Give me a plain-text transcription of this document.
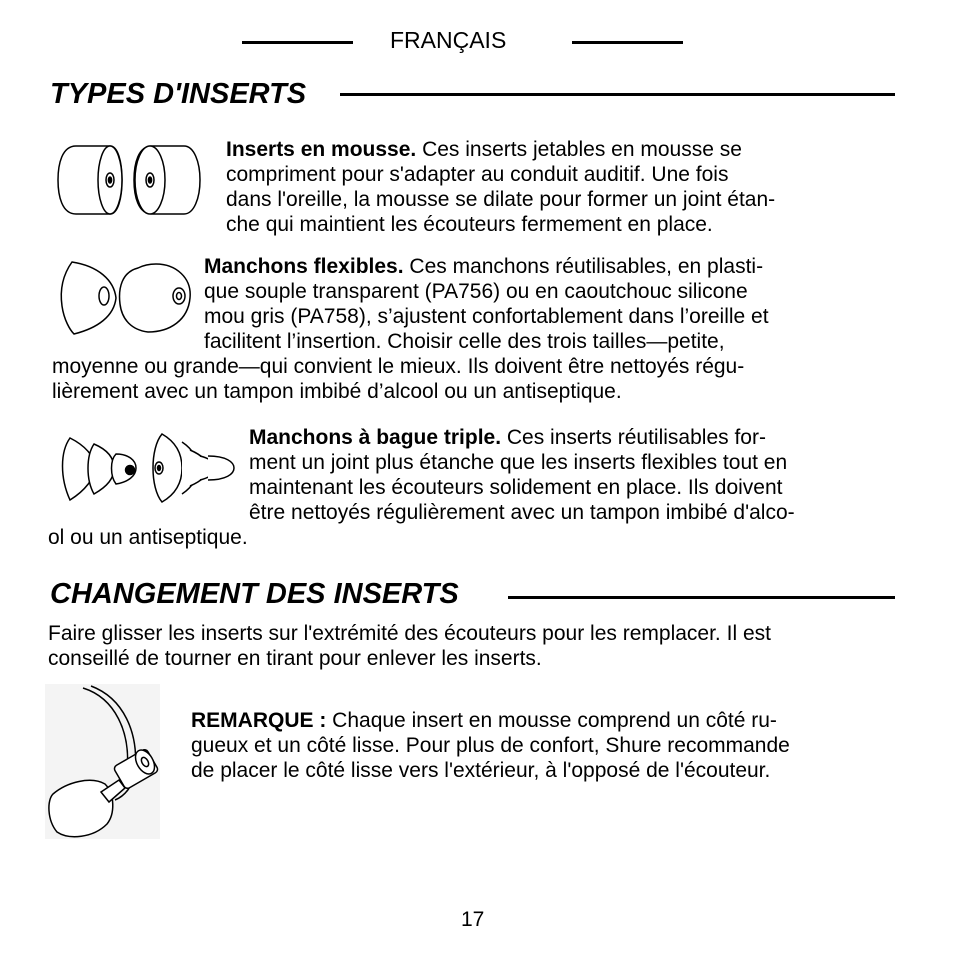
FRANÇAIS
TYPES D'INSERTS
Inserts en mousse. Ces inserts jetables en mousse se
compriment pour s'adapter au conduit auditif. Une fois
dans l'oreille, la mousse se dilate pour former un joint étan-
che qui maintient les écouteurs fermement en place.
Manchons flexibles. Ces manchons réutilisables, en plasti-
que souple transparent (PA756) ou en caoutchouc silicone
mou gris (PA758), s’ajustent confortablement dans l’oreille et
facilitent l’insertion. Choisir celle des trois tailles—petite,
moyenne ou grande—qui convient le mieux. Ils doivent être nettoyés régu-
lièrement avec un tampon imbibé d’alcool ou un antiseptique.
Manchons à bague triple. Ces inserts réutilisables for-
ment un joint plus étanche que les inserts flexibles tout en
maintenant les écouteurs solidement en place. Ils doivent
être nettoyés régulièrement avec un tampon imbibé d'alco-
ol ou un antiseptique.
CHANGEMENT DES INSERTS
Faire glisser les inserts sur l'extrémité des écouteurs pour les remplacer. Il est
conseillé de tourner en tirant pour enlever les inserts.
REMARQUE : Chaque insert en mousse comprend un côté ru-
gueux et un côté lisse. Pour plus de confort, Shure recommande
de placer le côté lisse vers l'extérieur, à l'opposé de l'écouteur.
17
